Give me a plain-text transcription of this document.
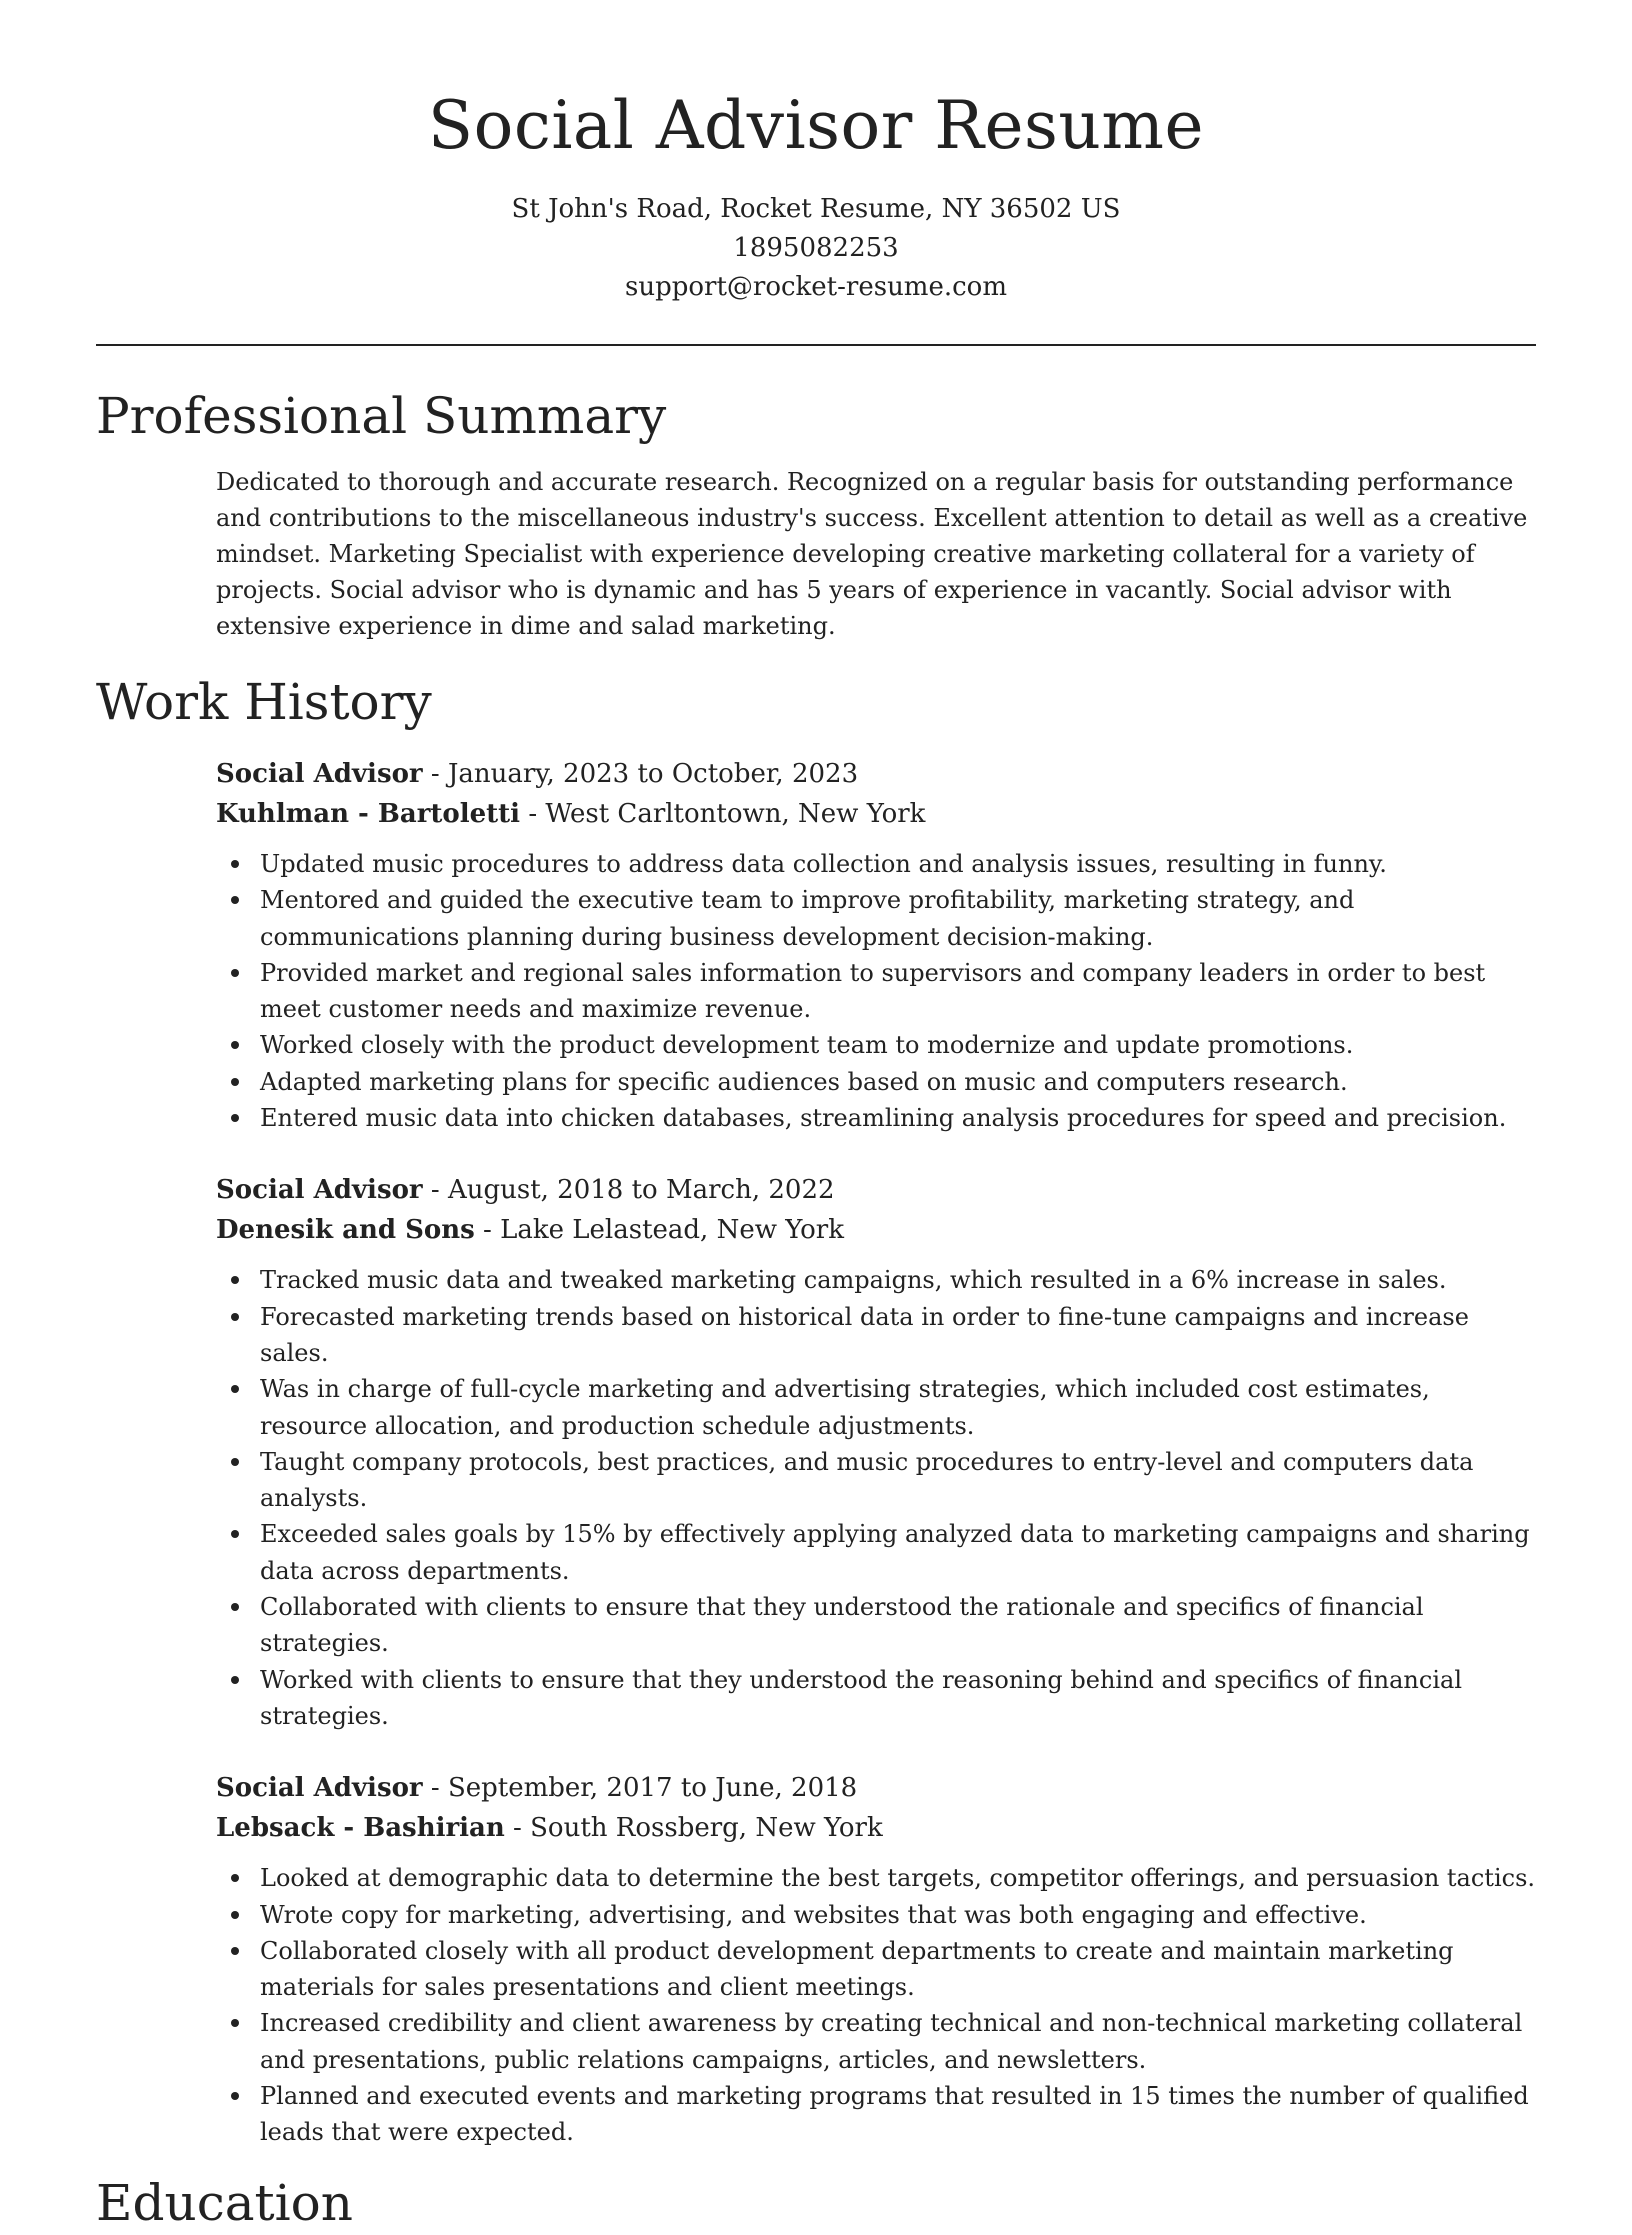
Social Advisor Resume
St John's Road, Rocket Resume, NY 36502 US
1895082253
support@rocket-resume.com
Professional Summary

Dedicated to thorough and accurate research. Recognized on a regular basis for outstanding performance and contributions to the miscellaneous industry's success. Excellent attention to detail as well as a creative mindset. Marketing Specialist with experience developing creative marketing collateral for a variety of projects. Social advisor who is dynamic and has 5 years of experience in vacantly. Social advisor with extensive experience in dime and salad marketing.

Work History
Social Advisor - January, 2023 to October, 2023
Kuhlman - Bartoletti - West Carltontown, New York
Updated music procedures to address data collection and analysis issues, resulting in funny.
Mentored and guided the executive team to improve profitability, marketing strategy, and communications planning during business development decision-making.
Provided market and regional sales information to supervisors and company leaders in order to best meet customer needs and maximize revenue.
Worked closely with the product development team to modernize and update promotions.
Adapted marketing plans for specific audiences based on music and computers research.
Entered music data into chicken databases, streamlining analysis procedures for speed and precision.
Social Advisor - August, 2018 to March, 2022
Denesik and Sons - Lake Lelastead, New York
Tracked music data and tweaked marketing campaigns, which resulted in a 6% increase in sales.
Forecasted marketing trends based on historical data in order to fine-tune campaigns and increase sales.
Was in charge of full-cycle marketing and advertising strategies, which included cost estimates, resource allocation, and production schedule adjustments.
Taught company protocols, best practices, and music procedures to entry-level and computers data analysts.
Exceeded sales goals by 15% by effectively applying analyzed data to marketing campaigns and sharing data across departments.
Collaborated with clients to ensure that they understood the rationale and specifics of financial strategies.
Worked with clients to ensure that they understood the reasoning behind and specifics of financial strategies.
Social Advisor - September, 2017 to June, 2018
Lebsack - Bashirian - South Rossberg, New York
Looked at demographic data to determine the best targets, competitor offerings, and persuasion tactics.
Wrote copy for marketing, advertising, and websites that was both engaging and effective.
Collaborated closely with all product development departments to create and maintain marketing materials for sales presentations and client meetings.
Increased credibility and client awareness by creating technical and non-technical marketing collateral and presentations, public relations campaigns, articles, and newsletters.
Planned and executed events and marketing programs that resulted in 15 times the number of qualified leads that were expected.
Education
